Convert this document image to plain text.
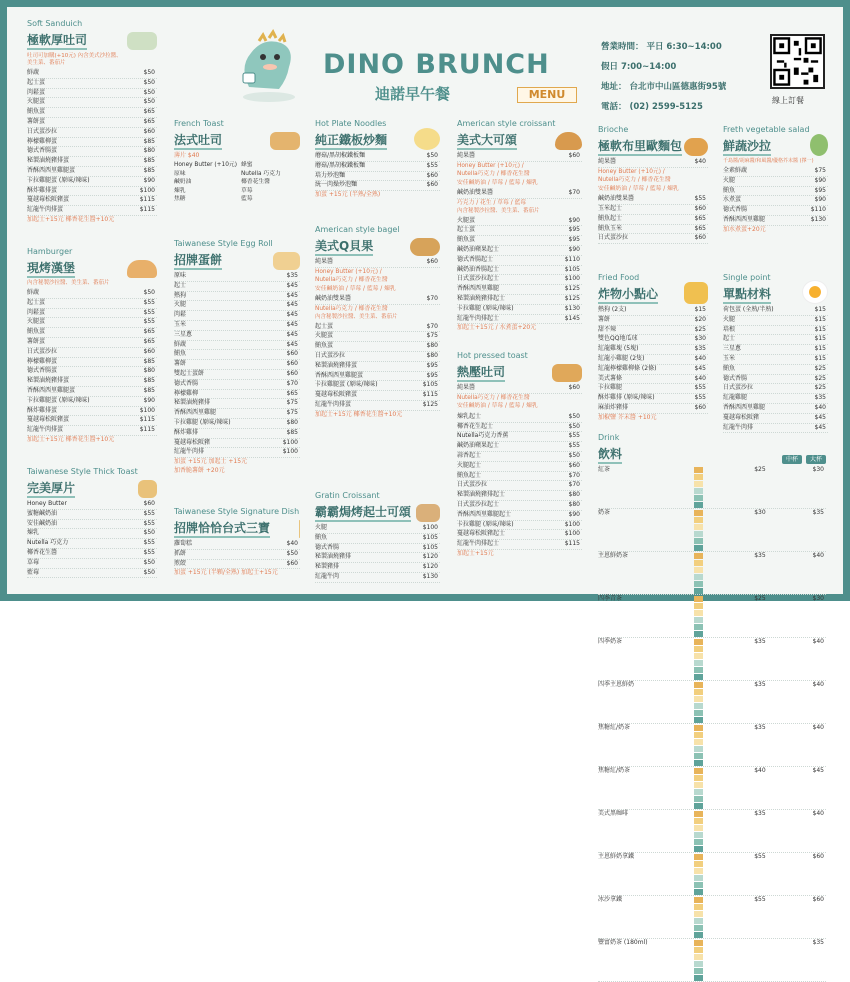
DINO BRUNCH
迪諾早午餐	MENU
營業時間： 平日 6:30~14:00
假日 7:00~14:00
地址： 台北市中山區德惠街95號
電話： (02) 2599-5125
線上訂餐
Soft Sanduich
極軟厚吐司
吐司可加購(+10元) 內含美式沙拉醬、
美生菜、番茄片
鮮蔬	$50
起士蛋	$50
肉鬆蛋	$50
火腿蛋	$50
鮪魚蛋	$65
薯餅蛋	$65
日式蛋沙拉	$60
檸檬雞柳蛋	$85
德式香腸蛋	$80
秘製滷燒豬排蛋	$85
香酥西西里雞腿蛋	$85
卡拉雞腿蛋 (原味/辣味)	$90
酥炸雞排蛋	$100
蔓越莓松阪豬蛋	$115
紅龍牛肉排蛋	$115
加起士+15元 椰香花生醬+10元
Hamburger
現烤漢堡
內含秘製沙拉醬、美生菜、番茄片
鮮蔬	$50
起士蛋	$55
肉鬆蛋	$55
火腿蛋	$55
鮪魚蛋	$65
薯餅蛋	$65
日式蛋沙拉	$60
檸檬雞柳蛋	$85
德式香腸蛋	$80
秘製滷燒豬排蛋	$85
香酥西西里雞腿蛋	$85
卡拉雞腿蛋 (原味/辣味)	$90
酥炸雞排蛋	$100
蔓越莓松阪豬蛋	$115
紅龍牛肉排蛋	$115
加起士+15元 椰香花生醬+10元
Taiwanese Style Thick Toast
完美厚片
Honey Butter	$60
蜜糖鹹奶油	$55
安佳鹹奶油	$55
煉乳	$50
Nutella 巧克力	$55
椰香花生醬	$55
草莓	$50
藍莓	$50
French Toast
法式吐司
薄片 $40
Honey Butter (+10元)
原味
鹹奶油
煉乳
焦糖
蜂蜜
Nutella 巧克力
椰香花生醬
草莓
藍莓
Taiwanese Style Egg Roll
招牌蛋餅
原味	$35
起士	$45
熱狗	$45
火腿	$45
肉鬆	$45
玉米	$45
三星蔥	$45
鮮蔬	$45
鮪魚	$60
薯餅	$60
雙起士蛋餅	$60
德式香腸	$70
檸檬雞柳	$65
秘製滷燒豬排	$75
香酥西西里雞腿	$75
卡拉雞腿 (原味/辣味)	$80
酥炸雞排	$85
蔓越莓松阪豬	$100
紅龍牛肉排	$100
加蛋 +15元 加起士 +15元
加香脆薯餅 +20元
Taiwanese Style Signature Dish
招牌恰恰台式三寶
蘿蔔糕	$40
抓餅	$50
煎餃	$60
加蛋 +15元 (半顆/全熟) 加起士+15元
Hot Plate Noodles
純正鐵板炒麵
蘑菇/黑胡椒鐵板麵	$50
蘑菇/黑胡椒鐵板麵	$55
培力炒泡麵	$60
統一肉燥炒泡麵	$60
加蛋 +15元 (半熟/全熟)
American style bagel
美式Q貝果
純果醬	$60
Honey Butter (+10元) /
Nutella巧克力 / 椰香花生醬
安佳鹹奶油 / 草莓 / 藍莓 / 煉乳
鹹奶油雙果醬	$70
Nutella巧克力 / 椰香花生醬
內含秘製沙拉醬、美生菜、番茄片
起士蛋	$70
火腿蛋	$75
鮪魚蛋	$80
日式蛋沙拉	$80
秘製滷燒豬排蛋	$95
香酥西西里雞腿蛋	$95
卡拉雞腿蛋 (原味/辣味)	$105
蔓越莓松阪豬蛋	$115
紅龍牛肉排蛋	$125
加起士+15元 椰香花生醬+10元
Gratin Croissant
霸霸焗烤起士可頌
火腿	$100
鮪魚	$105
德式香腸	$105
秘製滷燒豬排	$120
秘製豬排	$120
紅龍牛肉	$130
American style croissant
美式大可頌
純果醬	$60
Honey Butter (+10元) /
Nutella巧克力 / 椰香花生醬
安佳鹹奶油 / 草莓 / 藍莓 / 煉乳
鹹奶油雙果醬	$70
巧克力 / 花生 / 草莓 / 藍莓
內含秘製沙拉醬、美生菜、番茄片
火腿蛋	$90
起士蛋	$95
鮪魚蛋	$95
鹹奶油蘋果起士	$90
德式香腸起士	$110
鹹奶油香腸起士	$105
日式蛋沙拉起士	$100
香酥西西里雞腿	$125
秘製滷燒豬排起士	$125
卡拉雞腿 (原味/辣味)	$130
紅龍牛肉排起士	$145
加起士+15元 / 水煮蛋+20元
Hot pressed toast
熱壓吐司
純果醬	$60
Nutella巧克力 / 椰香花生醬
安佳鹹奶油 / 草莓 / 藍莓 / 煉乳
煉乳起士	$50
椰香花生起士	$50
Nutella巧克力香蕉	$55
鹹奶油蘋果起士	$55
蒜香起士	$50
火腿起士	$60
鮪魚起士	$70
日式蛋沙拉	$70
秘製滷燒豬排起士	$80
日式蛋沙拉起士	$80
香酥西西里雞腿起士	$90
卡拉雞腿 (原味/辣味)	$100
蔓越莓松阪豬起士	$100
紅龍牛肉排起士	$115
加起士+15元
Brioche
極軟布里歐麵包
純果醬	$40
Honey Butter (+10元) /
Nutella巧克力 / 椰香花生醬
安佳鹹奶油 / 草莓 / 藍莓 / 煉乳
鹹奶油雙果醬	$55
玉米起士	$60
鮪魚起士	$65
鮪魚玉米	$65
日式蛋沙拉	$60
Fried Food
炸物小點心
熱狗 (2支)	$15
薯餅	$20
甜不辣	$25
雙色QQ地瓜球	$30
紅龍雞塊 (5塊)	$35
紅龍小雞腿 (2隻)	$40
紅龍檸檬雞柳條 (2條)	$45
美式薯條	$40
卡拉雞腿	$55
酥炸雞排 (原味/辣味)	$55
麻油炸豬排	$60
加椒鹽 芥末醬 +10元
Drink
飲料	中杯	大杯
紅茶	$25	$30
奶茶	$30	$35
主恩鮮奶茶	$35	$40
四季青茶	$25	$30
四季奶茶	$35	$40
四季主恩鮮奶	$35	$40
焦糖紅/奶茶	$35	$40
焦糖紅/奶茶	$40	$45
美式黑咖啡	$35	$40
主恩鮮奶拿鐵	$55	$60
冰沙拿鐵	$55	$60
豐富奶茶 (180ml)	$35
Freth vegetable salad
鮮蔬沙拉
千島醬/胡麻醬/和風醬/優格芥末醬 (擇一)
全素鮮蔬	$75
火腿	$90
鮪魚	$95
水煮蛋	$90
德式香腸	$110
香酥西西里雞腿	$130
加水煮蛋+20元
Single point
單點材料
荷包蛋 (全熟/半熟)	$15
火腿	$15
培根	$15
起士	$15
三星蔥	$15
玉米	$15
鮪魚	$25
德式香腸	$25
日式蛋沙拉	$25
紅龍雞腿	$35
香酥西西里雞腿	$40
蔓越莓松阪豬	$45
紅龍牛肉排	$45
